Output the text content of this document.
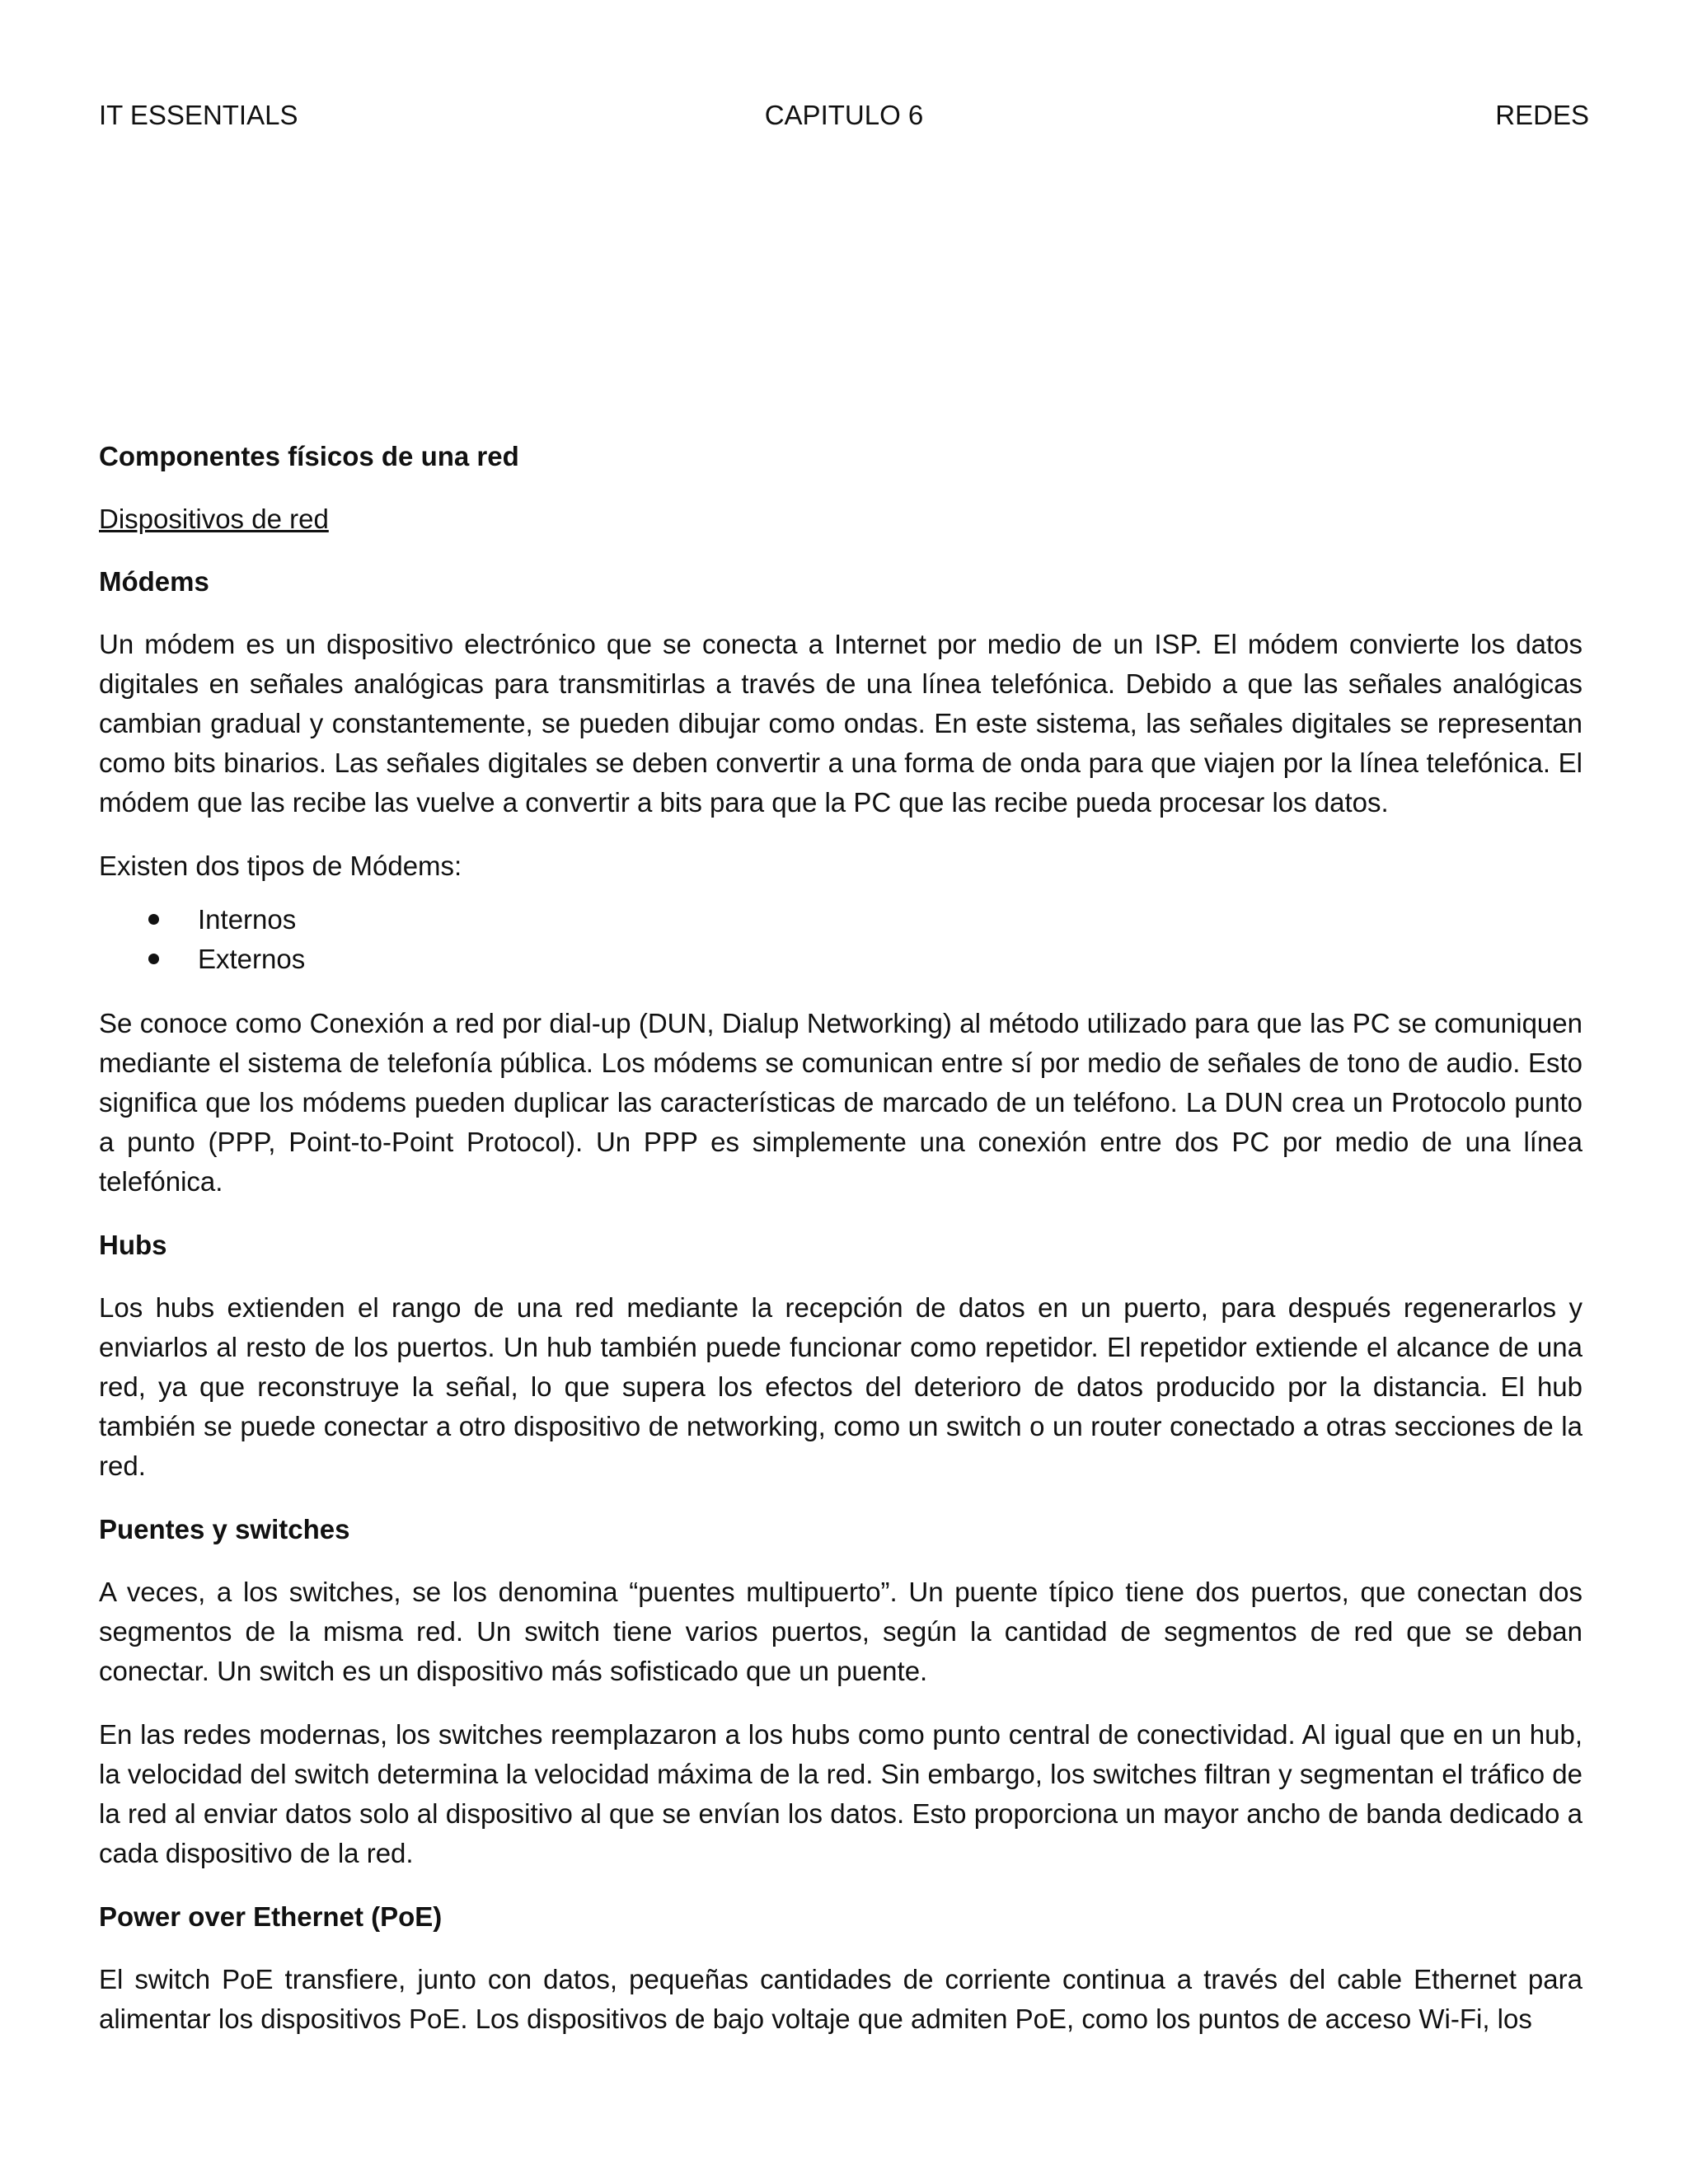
IT ESSENTIALS	CAPITULO 6	REDES

Componentes físicos de una red

Dispositivos de red

Módems

Un módem es un dispositivo electrónico que se conecta a Internet por medio de un ISP. El módem convierte los datos digitales en señales analógicas para transmitirlas a través de una línea telefónica. Debido a que las señales analógicas cambian gradual y constantemente, se pueden dibujar como ondas. En este sistema, las señales digitales se representan como bits binarios. Las señales digitales se deben convertir a una forma de onda para que viajen por la línea telefónica. El módem que las recibe las vuelve a convertir a bits para que la PC que las recibe pueda procesar los datos.

Existen dos tipos de Módems:

Internos
Externos

Se conoce como Conexión a red por dial-up (DUN, Dialup Networking) al método utilizado para que las PC se comuniquen mediante el sistema de telefonía pública. Los módems se comunican entre sí por medio de señales de tono de audio. Esto significa que los módems pueden duplicar las características de marcado de un teléfono. La DUN crea un Protocolo punto a punto (PPP, Point-to-Point Protocol). Un PPP es simplemente una conexión entre dos PC por medio de una línea telefónica.

Hubs

Los hubs extienden el rango de una red mediante la recepción de datos en un puerto, para después regenerarlos y enviarlos al resto de los puertos. Un hub también puede funcionar como repetidor. El repetidor extiende el alcance de una red, ya que reconstruye la señal, lo que supera los efectos del deterioro de datos producido por la distancia. El hub también se puede conectar a otro dispositivo de networking, como un switch o un router conectado a otras secciones de la red.

Puentes y switches

A veces, a los switches, se los denomina “puentes multipuerto”. Un puente típico tiene dos puertos, que conectan dos segmentos de la misma red. Un switch tiene varios puertos, según la cantidad de segmentos de red que se deban conectar. Un switch es un dispositivo más sofisticado que un puente.

En las redes modernas, los switches reemplazaron a los hubs como punto central de conectividad. Al igual que en un hub, la velocidad del switch determina la velocidad máxima de la red. Sin embargo, los switches filtran y segmentan el tráfico de la red al enviar datos solo al dispositivo al que se envían los datos. Esto proporciona un mayor ancho de banda dedicado a cada dispositivo de la red.

Power over Ethernet (PoE)

El switch PoE transfiere, junto con datos, pequeñas cantidades de corriente continua a través del cable Ethernet para alimentar los dispositivos PoE. Los dispositivos de bajo voltaje que admiten PoE, como los puntos de acceso Wi-Fi, los
